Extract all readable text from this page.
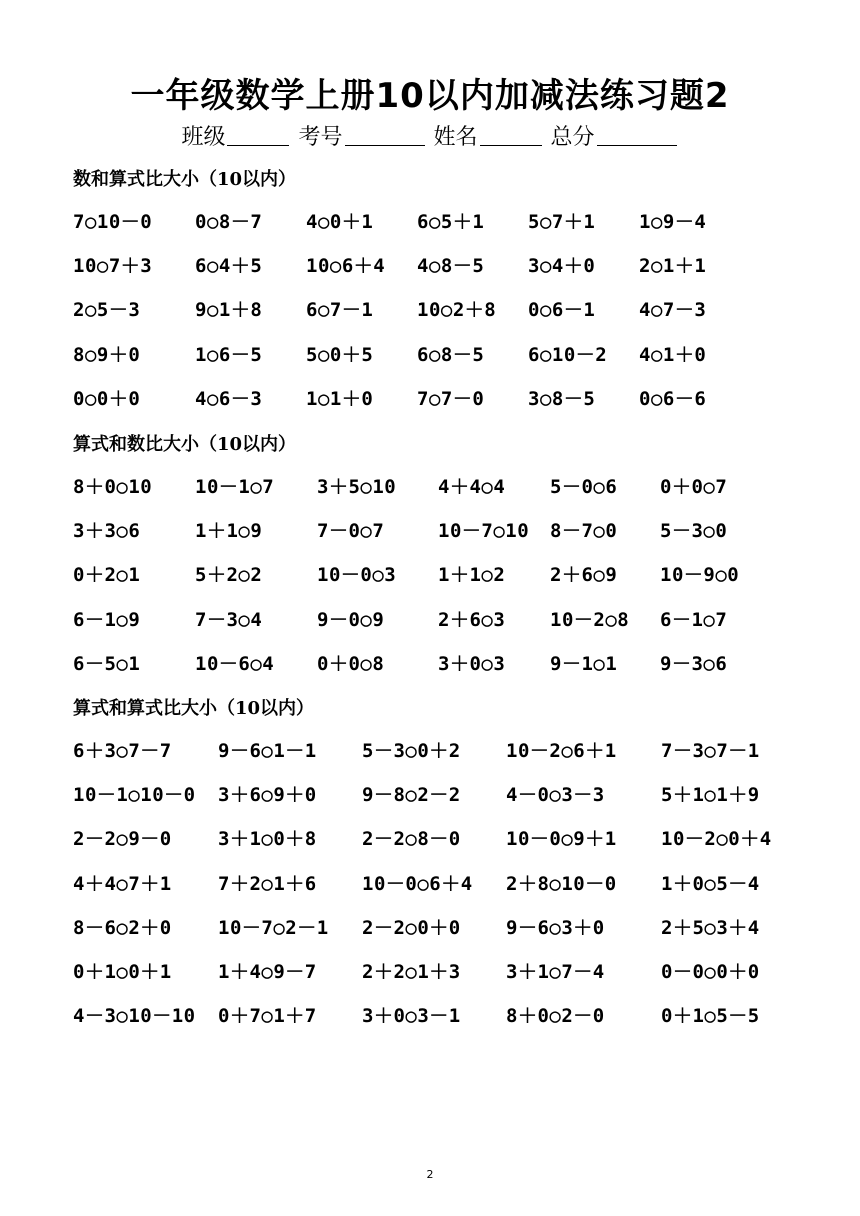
一年级数学上册10以内加减法练习题2
班级	考号	姓名	总分
数和算式比大小（10以内）
7○10－0 0○8－7 4○0＋1 6○5＋1 5○7＋1 1○9－4
10○7＋3 6○4＋5 10○6＋4 4○8－5 3○4＋0 2○1＋1
2○5－3	9○1＋8 6○7－1 10○2＋8 0○6－1 4○7－3
8○9＋0	1○6－5 5○0＋5 6○8－5 6○10－2 4○1＋0
0○0＋0	4○6－3 1○1＋0 7○7－0 3○8－5 0○6－6
算式和数比大小（10以内）
8＋0○10 10－1○7 3＋5○10 4＋4○4 5－0○6 0＋0○7
3＋3○6	1＋1○9	7－0○7	10－7○10 8－7○0 5－3○0
0＋2○1	5＋2○2	10－0○3 1＋1○2 2＋6○9 10－9○0
6－1○9	7－3○4	9－0○9	2＋6○3 10－2○8 6－1○7
6－5○1	10－6○4 0＋0○8	3＋0○3 9－1○1 9－3○6
算式和算式比大小（10以内）
6＋3○7－7 9－6○1－1 5－3○0＋2 10－2○6＋1 7－3○7－1
10－1○10－0 3＋6○9＋0 9－8○2－2 4－0○3－3	5＋1○1＋9
2－2○9－0 3＋1○0＋8 2－2○8－0 10－0○9＋1 10－2○0＋4
4＋4○7＋1 7＋2○1＋6 10－0○6＋4 2＋8○10－0 1＋0○5－4
8－6○2＋0 10－7○2－1 2－2○0＋0 9－6○3＋0	2＋5○3＋4
0＋1○0＋1 1＋4○9－7 2＋2○1＋3 3＋1○7－4	0－0○0＋0
4－3○10－10 0＋7○1＋7 3＋0○3－1 8＋0○2－0	0＋1○5－5
2
